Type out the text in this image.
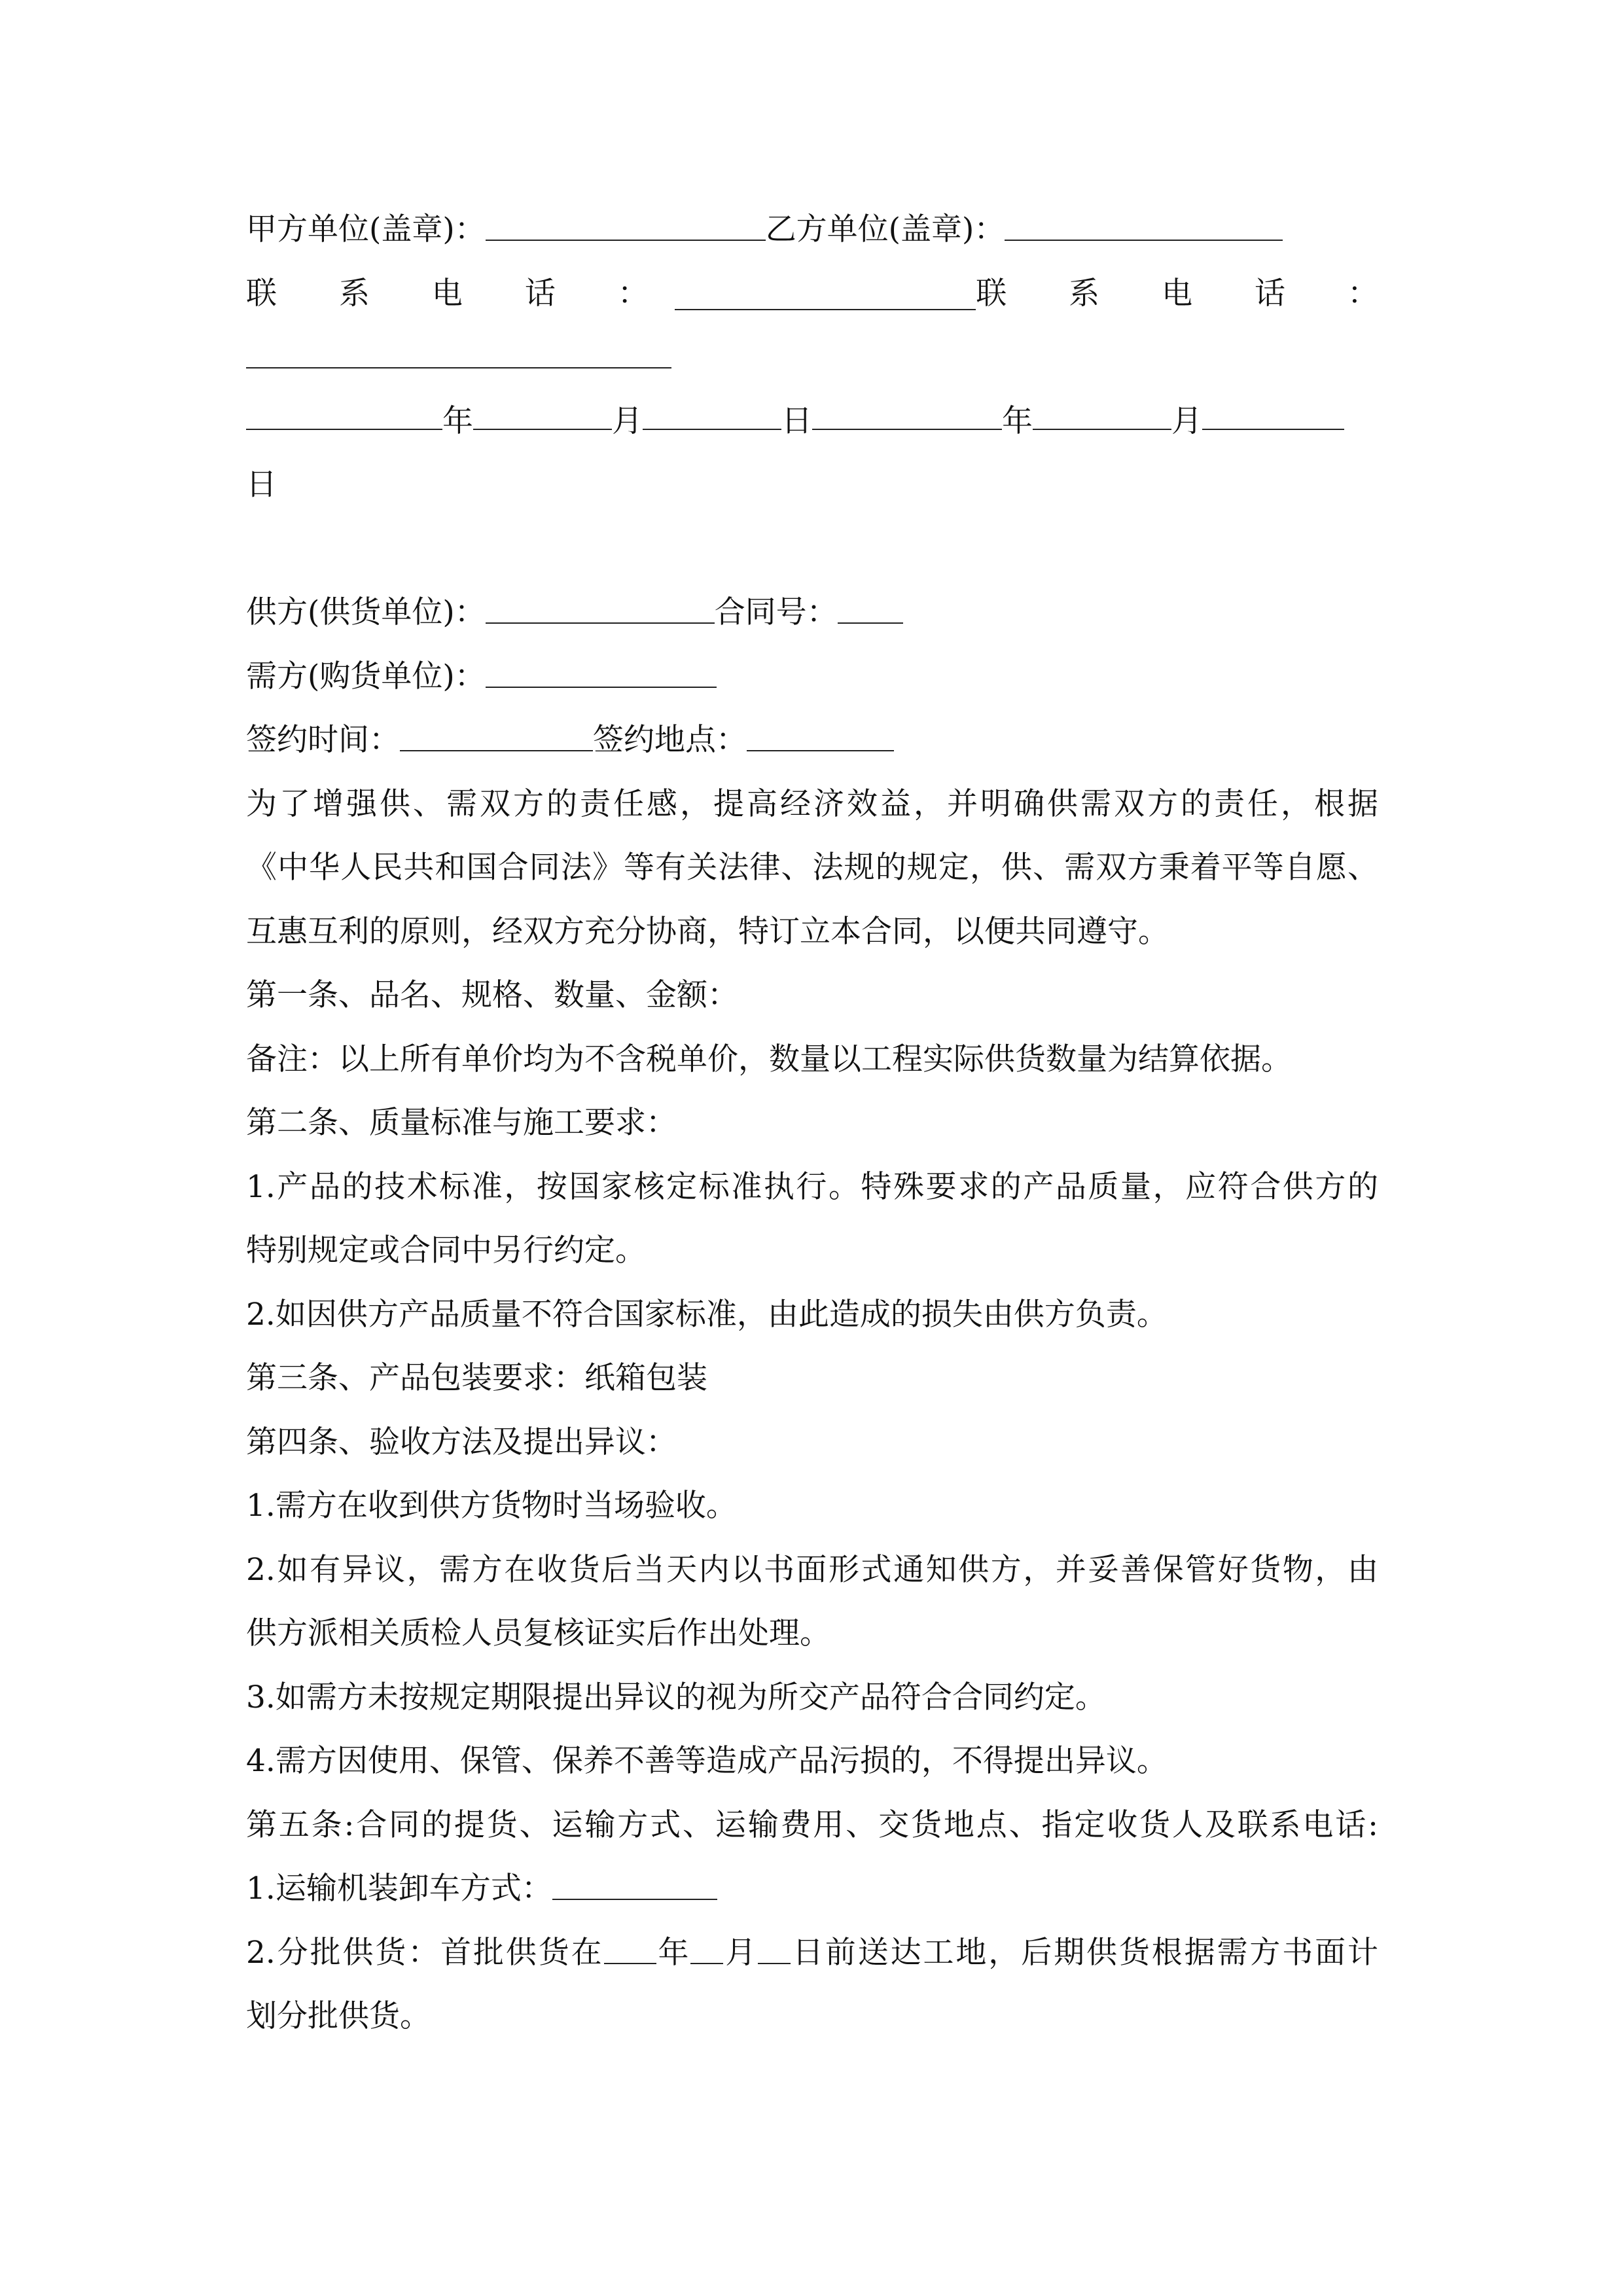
甲方单位(盖章)：	乙方单位(盖章)：
联 系 电 话 ：	联 系 电 话 ：
年	月	日	年	月
日
供方(供货单位)：	合同号：
需方(购货单位)：
签约时间：	签约地点：
为了增强供、需双方的责任感，提高经济效益，并明确供需双方的责任，根据
《中华人民共和国合同法》等有关法律、法规的规定，供、需双方秉着平等自愿、
互惠互利的原则，经双方充分协商，特订立本合同，以便共同遵守。
第一条、品名、规格、数量、金额：
备注：以上所有单价均为不含税单价，数量以工程实际供货数量为结算依据。
第二条、质量标准与施工要求：
1.产品的技术标准，按国家核定标准执行。特殊要求的产品质量，应符合供方的
特别规定或合同中另行约定。
2.如因供方产品质量不符合国家标准，由此造成的损失由供方负责。
第三条、产品包装要求：纸箱包装
第四条、验收方法及提出异议：
1.需方在收到供方货物时当场验收。
2.如有异议，需方在收货后当天内以书面形式通知供方，并妥善保管好货物，由
供方派相关质检人员复核证实后作出处理。
3.如需方未按规定期限提出异议的视为所交产品符合合同约定。
4.需方因使用、保管、保养不善等造成产品污损的，不得提出异议。
第五条:合同的提货、运输方式、运输费用、交货地点、指定收货人及联系电话:
1.运输机装卸车方式：
2.分批供货：首批供货在 年 月 日前送达工地，后期供货根据需方书面计
划分批供货。
